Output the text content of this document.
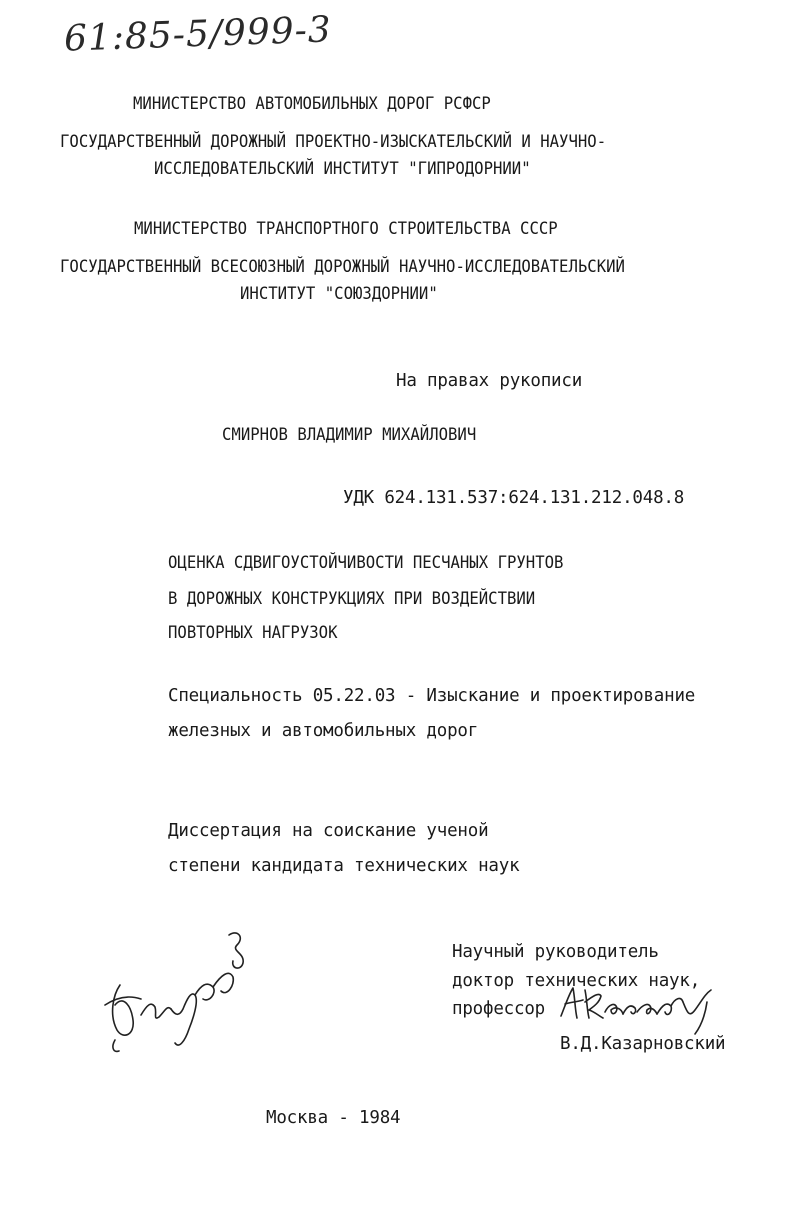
61:85-5/999-3
МИНИСТЕРСТВО АВТОМОБИЛЬНЫХ ДОРОГ РСФСР
ГОСУДАРСТВЕННЫЙ ДОРОЖНЫЙ ПРОЕКТНО-ИЗЫСКАТЕЛЬСКИЙ И НАУЧНО-
ИССЛЕДОВАТЕЛЬСКИЙ ИНСТИТУТ "ГИПРОДОРНИИ"
МИНИСТЕРСТВО ТРАНСПОРТНОГО СТРОИТЕЛЬСТВА СССР
ГОСУДАРСТВЕННЫЙ ВСЕСОЮЗНЫЙ ДОРОЖНЫЙ НАУЧНО-ИССЛЕДОВАТЕЛЬСКИЙ
ИНСТИТУТ "СОЮЗДОРНИИ"
На правах рукописи
СМИРНОВ ВЛАДИМИР МИХАЙЛОВИЧ
УДК 624.131.537:624.131.212.048.8
ОЦЕНКА СДВИГОУСТОЙЧИВОСТИ ПЕСЧАНЫХ ГРУНТОВ
В ДОРОЖНЫХ КОНСТРУКЦИЯХ ПРИ ВОЗДЕЙСТВИИ
ПОВТОРНЫХ НАГРУЗОК
Специальность 05.22.03 - Изыскание и проектирование
железных и автомобильных дорог
Диссертация на соискание ученой
степени кандидата технических наук
Научный руководитель
доктор технических наук,
профессор
В.Д.Казарновский
Москва - 1984
